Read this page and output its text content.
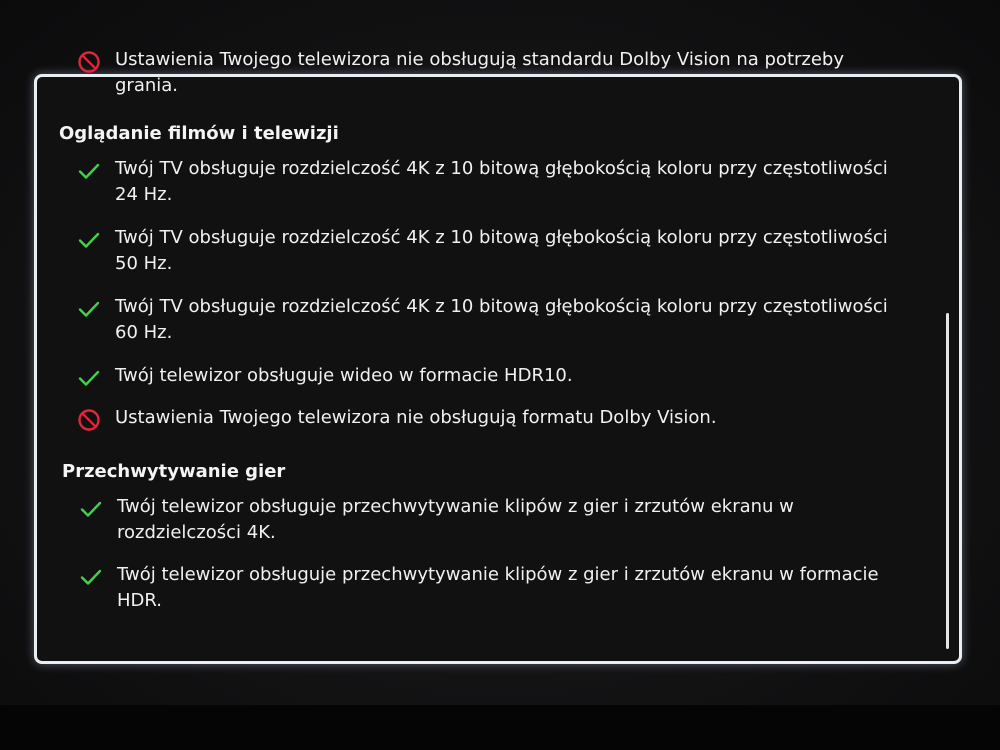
Ustawienia Twojego telewizora nie obsługują standardu Dolby Vision na potrzeby grania.
Oglądanie filmów i telewizji
Twój TV obsługuje rozdzielczość 4K z 10 bitową głębokością koloru przy częstotliwości 24 Hz.
Twój TV obsługuje rozdzielczość 4K z 10 bitową głębokością koloru przy częstotliwości 50 Hz.
Twój TV obsługuje rozdzielczość 4K z 10 bitową głębokością koloru przy częstotliwości 60 Hz.
Twój telewizor obsługuje wideo w formacie HDR10.
Ustawienia Twojego telewizora nie obsługują formatu Dolby Vision.
Przechwytywanie gier
Twój telewizor obsługuje przechwytywanie klipów z gier i zrzutów ekranu w rozdzielczości 4K.
Twój telewizor obsługuje przechwytywanie klipów z gier i zrzutów ekranu w formacie HDR.
